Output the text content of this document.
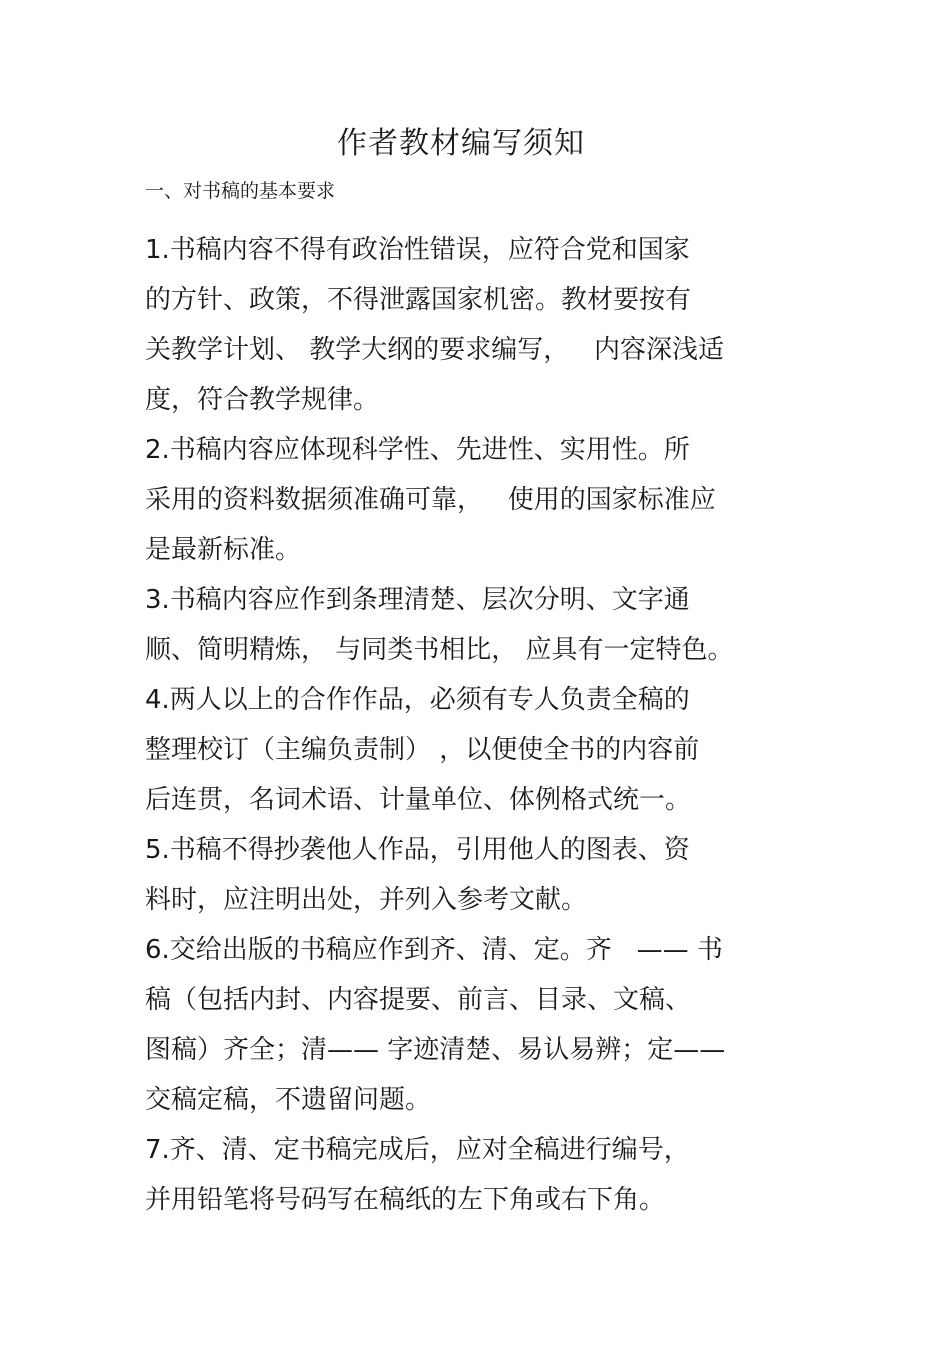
作者教材编写须知
一、对书稿的基本要求
1.书稿内容不得有政治性错误，应符合党和国家
的方针、政策，不得泄露国家机密。教材要按有
关教学计划、 教学大纲的要求编写，   内容深浅适
度，符合教学规律。
2.书稿内容应体现科学性、先进性、实用性。所
采用的资料数据须准确可靠，   使用的国家标准应
是最新标准。
3.书稿内容应作到条理清楚、层次分明、文字通
顺、简明精炼， 与同类书相比， 应具有一定特色。
4.两人以上的合作作品，必须有专人负责全稿的
整理校订（主编负责制） ，以便使全书的内容前
后连贯，名词术语、计量单位、体例格式统一。
5.书稿不得抄袭他人作品，引用他人的图表、资
料时，应注明出处，并列入参考文献。
6.交给出版的书稿应作到齐、清、定。齐   —— 书
稿（包括内封、内容提要、前言、目录、文稿、
图稿）齐全；清—— 字迹清楚、易认易辨；定——
交稿定稿，不遗留问题。
7.齐、清、定书稿完成后，应对全稿进行编号，
并用铅笔将号码写在稿纸的左下角或右下角。
